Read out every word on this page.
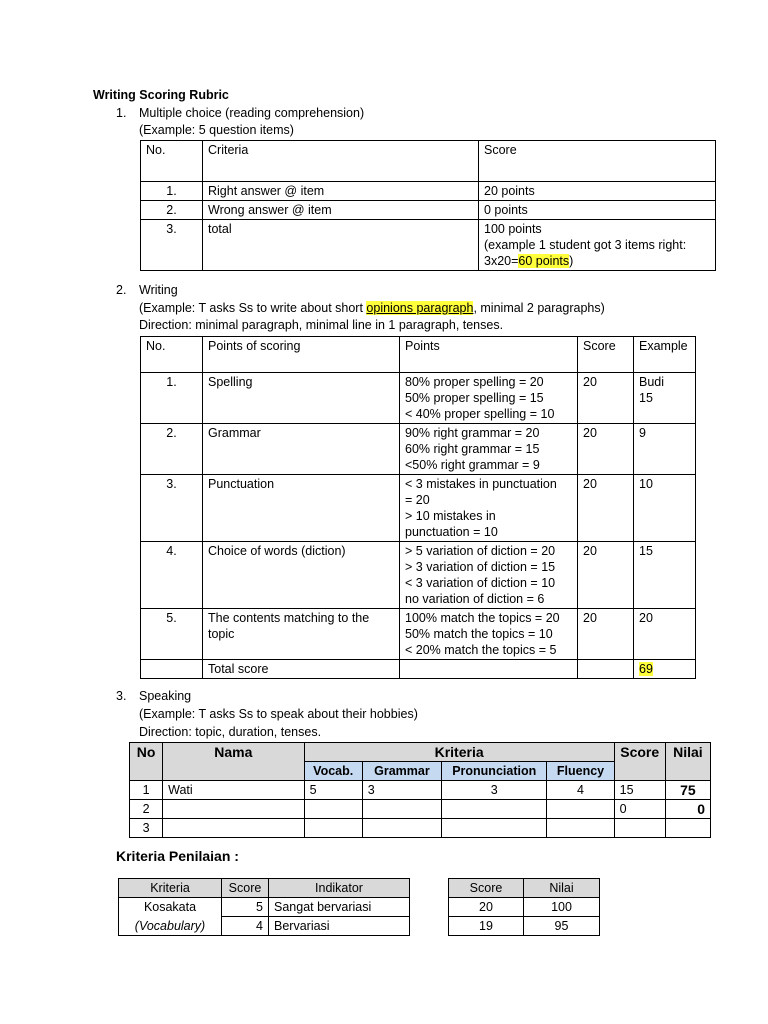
Writing Scoring Rubric
1. Multiple choice (reading comprehension)
(Example: 5 question items)
No.	Criteria	Score
1.	Right answer @ item	20 points
2.	Wrong answer @ item	0 points
3.	total	100 points
(example 1 student got 3 items right:
3x20=60 points)
2. Writing
(Example: T asks Ss to write about short opinions paragraph, minimal 2 paragraphs)
Direction: minimal paragraph, minimal line in 1 paragraph, tenses.
No.	Points of scoring	Points	Score	Example
1.	Spelling	80% proper spelling = 20
50% proper spelling = 15
< 40% proper spelling = 10	20	Budi
15
2.	Grammar	90% right grammar = 20
60% right grammar = 15
<50% right grammar = 9	20	9
3.	Punctuation	< 3 mistakes in punctuation
= 20
> 10 mistakes in
punctuation = 10	20	10
4.	Choice of words (diction)	> 5 variation of diction = 20
> 3 variation of diction = 15
< 3 variation of diction = 10
no variation of diction = 6	20	15
5.	The contents matching to the
topic	100% match the topics = 20
50% match the topics = 10
< 20% match the topics = 5	20	20
	Total score			69
3. Speaking
(Example: T asks Ss to speak about their hobbies)
Direction: topic, duration, tenses.
No	Nama	Kriteria				Score	Nilai
		Vocab.	Grammar	Pronunciation	Fluency		
1	Wati	5	3	3	4	15	75
2						0	0
3							
Kriteria Penilaian :
Kriteria	Score	Indikator
Kosakata	5	Sangat bervariasi
(Vocabulary)	4	Bervariasi
Score	Nilai
20	100
19	95
